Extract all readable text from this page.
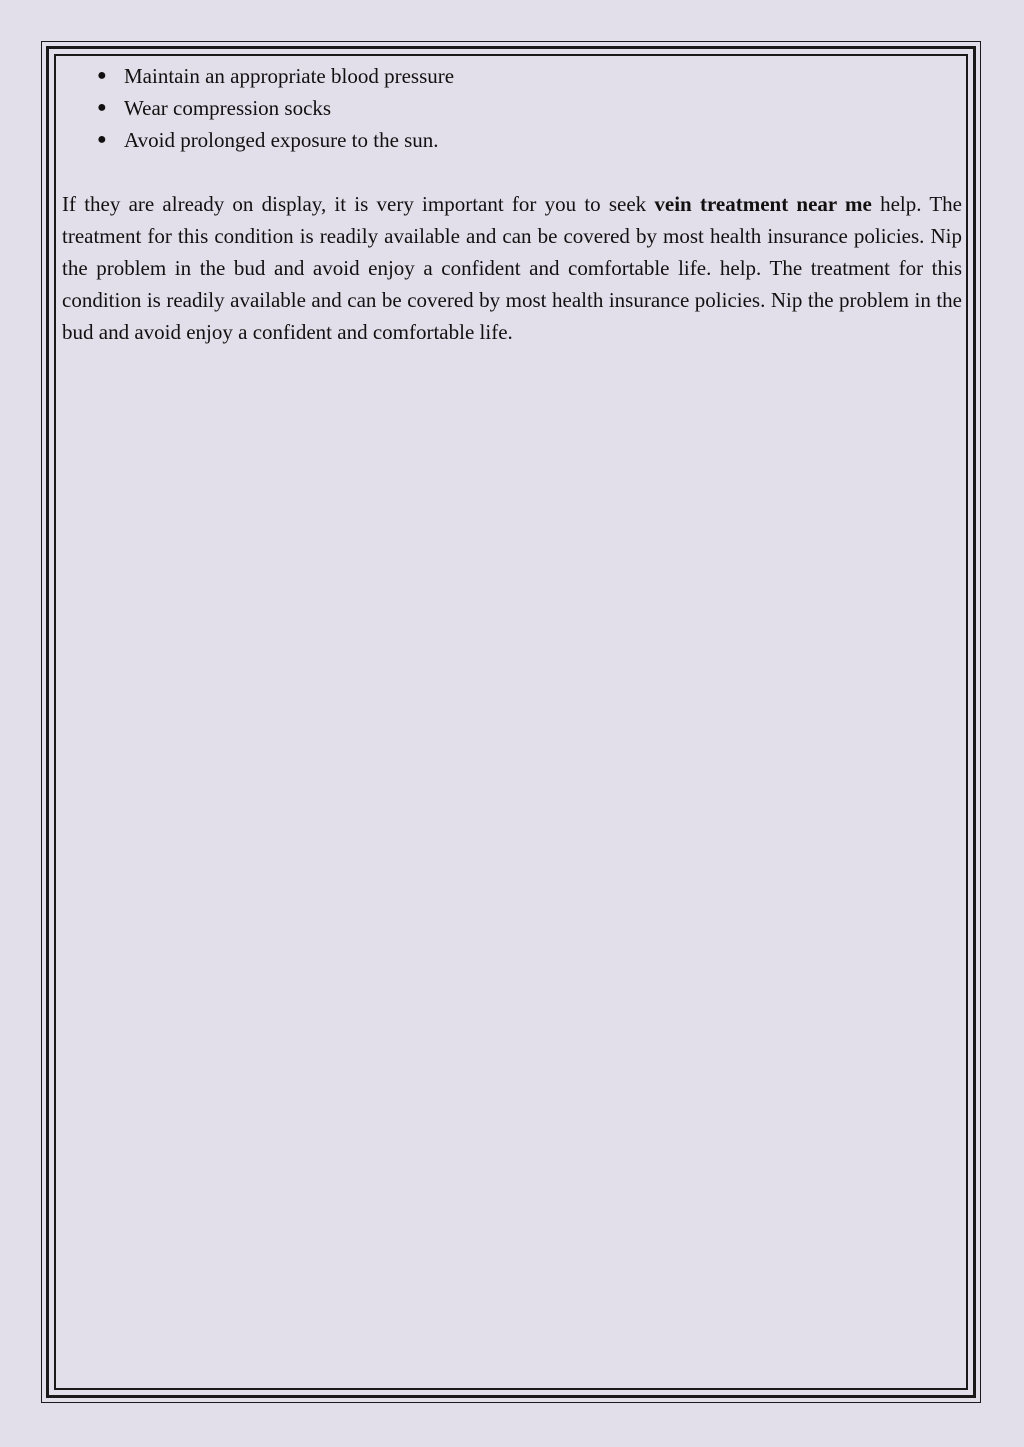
● Maintain an appropriate blood pressure
● Wear compression socks
● Avoid prolonged exposure to the sun.

If they are already on display, it is very important for you to seek vein treatment near me help. The treatment for this condition is readily available and can be covered by most health insurance policies. Nip the problem in the bud and avoid enjoy a confident and comfortable life. help. The treatment for this condition is readily available and can be covered by most health insurance policies. Nip the problem in the bud and avoid enjoy a confident and comfortable life.
